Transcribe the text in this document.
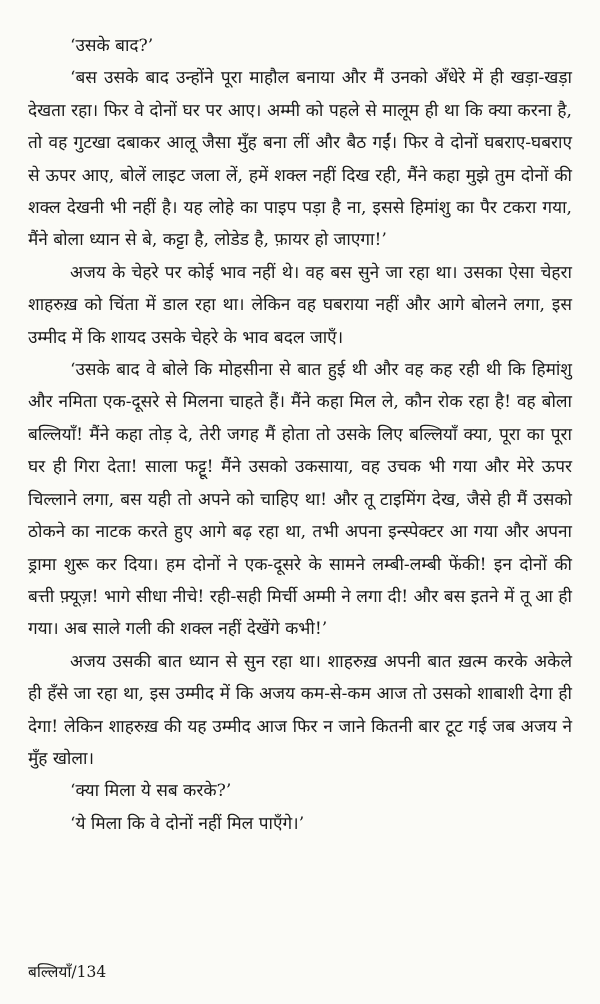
‘उसके बाद?’

‘बस उसके बाद उन्होंने पूरा माहौल बनाया और मैं उनको अँधेरे में ही खड़ा-खड़ा देखता रहा। फिर वे दोनों घर पर आए। अम्मी को पहले से मालूम ही था कि क्या करना है, तो वह गुटखा दबाकर आलू जैसा मुँह बना लीं और बैठ गईं। फिर वे दोनों घबराए-घबराए से ऊपर आए, बोलें लाइट जला लें, हमें शक्ल नहीं दिख रही, मैंने कहा मुझे तुम दोनों की शक्ल देखनी भी नहीं है। यह लोहे का पाइप पड़ा है ना, इससे हिमांशु का पैर टकरा गया, मैंने बोला ध्यान से बे, कट्टा है, लोडेड है, फ़ायर हो जाएगा!’

अजय के चेहरे पर कोई भाव नहीं थे। वह बस सुने जा रहा था। उसका ऐसा चेहरा शाहरुख़ को चिंता में डाल रहा था। लेकिन वह घबराया नहीं और आगे बोलने लगा, इस उम्मीद में कि शायद उसके चेहरे के भाव बदल जाएँ।

‘उसके बाद वे बोले कि मोहसीना से बात हुई थी और वह कह रही थी कि हिमांशु और नमिता एक-दूसरे से मिलना चाहते हैं। मैंने कहा मिल ले, कौन रोक रहा है! वह बोला बल्लियाँ! मैंने कहा तोड़ दे, तेरी जगह मैं होता तो उसके लिए बल्लियाँ क्या, पूरा का पूरा घर ही गिरा देता! साला फट्टू! मैंने उसको उकसाया, वह उचक भी गया और मेरे ऊपर चिल्लाने लगा, बस यही तो अपने को चाहिए था! और तू टाइमिंग देख, जैसे ही मैं उसको ठोकने का नाटक करते हुए आगे बढ़ रहा था, तभी अपना इन्स्पेक्टर आ गया और अपना ड्रामा शुरू कर दिया। हम दोनों ने एक-दूसरे के सामने लम्बी-लम्बी फेंकी! इन दोनों की बत्ती फ़्यूज़! भागे सीधा नीचे! रही-सही मिर्ची अम्मी ने लगा दी! और बस इतने में तू आ ही गया। अब साले गली की शक्ल नहीं देखेंगे कभी!’

अजय उसकी बात ध्यान से सुन रहा था। शाहरुख़ अपनी बात ख़त्म करके अकेले ही हँसे जा रहा था, इस उम्मीद में कि अजय कम-से-कम आज तो उसको शाबाशी देगा ही देगा! लेकिन शाहरुख़ की यह उम्मीद आज फिर न जाने कितनी बार टूट गई जब अजय ने मुँह खोला।

‘क्या मिला ये सब करके?’

‘ये मिला कि वे दोनों नहीं मिल पाएँगे।’

बल्लियाँ/134
